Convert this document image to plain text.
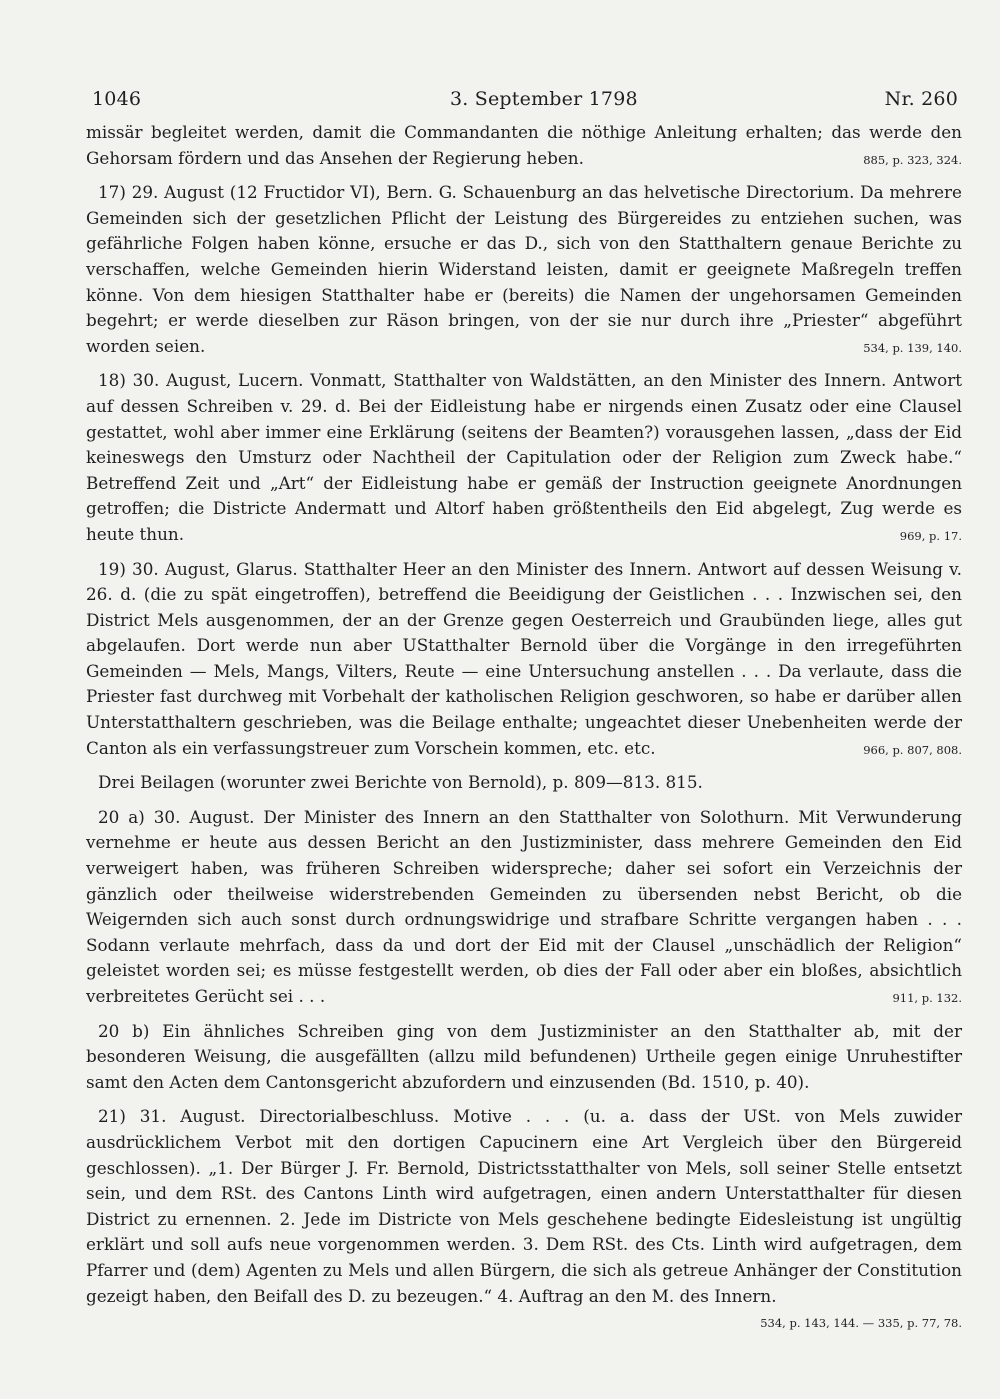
1046	3. September 1798	Nr. 260

missär begleitet werden, damit die Commandanten die nöthige Anleitung erhalten; das werde den Gehorsam fördern und das Ansehen der Regierung heben.	885, p. 323, 324.

17) 29. August (12 Fructidor VI), Bern. G. Schauenburg an das helvetische Directorium. Da mehrere Gemeinden sich der gesetzlichen Pflicht der Leistung des Bürgereides zu entziehen suchen, was gefährliche Folgen haben könne, ersuche er das D., sich von den Statthaltern genaue Berichte zu verschaffen, welche Gemeinden hierin Widerstand leisten, damit er geeignete Maßregeln treffen könne. Von dem hiesigen Statthalter habe er (bereits) die Namen der ungehorsamen Gemeinden begehrt; er werde dieselben zur Räson bringen, von der sie nur durch ihre „Priester“ abgeführt worden seien.	534, p. 139, 140.

18) 30. August, Lucern. Vonmatt, Statthalter von Waldstätten, an den Minister des Innern. Antwort auf dessen Schreiben v. 29. d. Bei der Eidleistung habe er nirgends einen Zusatz oder eine Clausel gestattet, wohl aber immer eine Erklärung (seitens der Beamten?) vorausgehen lassen, „dass der Eid keineswegs den Umsturz oder Nachtheil der Capitulation oder der Religion zum Zweck habe.“ Betreffend Zeit und „Art“ der Eidleistung habe er gemäß der Instruction geeignete Anordnungen getroffen; die Districte Andermatt und Altorf haben größtentheils den Eid abgelegt, Zug werde es heute thun.	969, p. 17.

19) 30. August, Glarus. Statthalter Heer an den Minister des Innern. Antwort auf dessen Weisung v. 26. d. (die zu spät eingetroffen), betreffend die Beeidigung der Geistlichen . . . Inzwischen sei, den District Mels ausgenommen, der an der Grenze gegen Oesterreich und Graubünden liege, alles gut abgelaufen. Dort werde nun aber UStatthalter Bernold über die Vorgänge in den irregeführten Gemeinden — Mels, Mangs, Vilters, Reute — eine Untersuchung anstellen . . . Da verlaute, dass die Priester fast durchweg mit Vorbehalt der katholischen Religion geschworen, so habe er darüber allen Unterstatthaltern geschrieben, was die Beilage enthalte; ungeachtet dieser Unebenheiten werde der Canton als ein verfassungstreuer zum Vorschein kommen, etc. etc.	966, p. 807, 808.

Drei Beilagen (worunter zwei Berichte von Bernold), p. 809—813. 815.

20 a) 30. August. Der Minister des Innern an den Statthalter von Solothurn. Mit Verwunderung vernehme er heute aus dessen Bericht an den Justizminister, dass mehrere Gemeinden den Eid verweigert haben, was früheren Schreiben widerspreche; daher sei sofort ein Verzeichnis der gänzlich oder theilweise widerstrebenden Gemeinden zu übersenden nebst Bericht, ob die Weigernden sich auch sonst durch ordnungswidrige und strafbare Schritte vergangen haben . . . Sodann verlaute mehrfach, dass da und dort der Eid mit der Clausel „unschädlich der Religion“ geleistet worden sei; es müsse festgestellt werden, ob dies der Fall oder aber ein bloßes, absichtlich verbreitetes Gerücht sei . . .	911, p. 132.

20 b) Ein ähnliches Schreiben ging von dem Justizminister an den Statthalter ab, mit der besonderen Weisung, die ausgefällten (allzu mild befundenen) Urtheile gegen einige Unruhestifter samt den Acten dem Cantonsgericht abzufordern und einzusenden (Bd. 1510, p. 40).

21) 31. August. Directorialbeschluss. Motive . . . (u. a. dass der USt. von Mels zuwider ausdrücklichem Verbot mit den dortigen Capucinern eine Art Vergleich über den Bürgereid geschlossen). „1. Der Bürger J. Fr. Bernold, Districtsstatthalter von Mels, soll seiner Stelle entsetzt sein, und dem RSt. des Cantons Linth wird aufgetragen, einen andern Unterstatthalter für diesen District zu ernennen. 2. Jede im Districte von Mels geschehene bedingte Eidesleistung ist ungültig erklärt und soll aufs neue vorgenommen werden. 3. Dem RSt. des Cts. Linth wird aufgetragen, dem Pfarrer und (dem) Agenten zu Mels und allen Bürgern, die sich als getreue Anhänger der Constitution gezeigt haben, den Beifall des D. zu bezeugen.“ 4. Auftrag an den M. des Innern.
534, p. 143, 144. — 335, p. 77, 78.
